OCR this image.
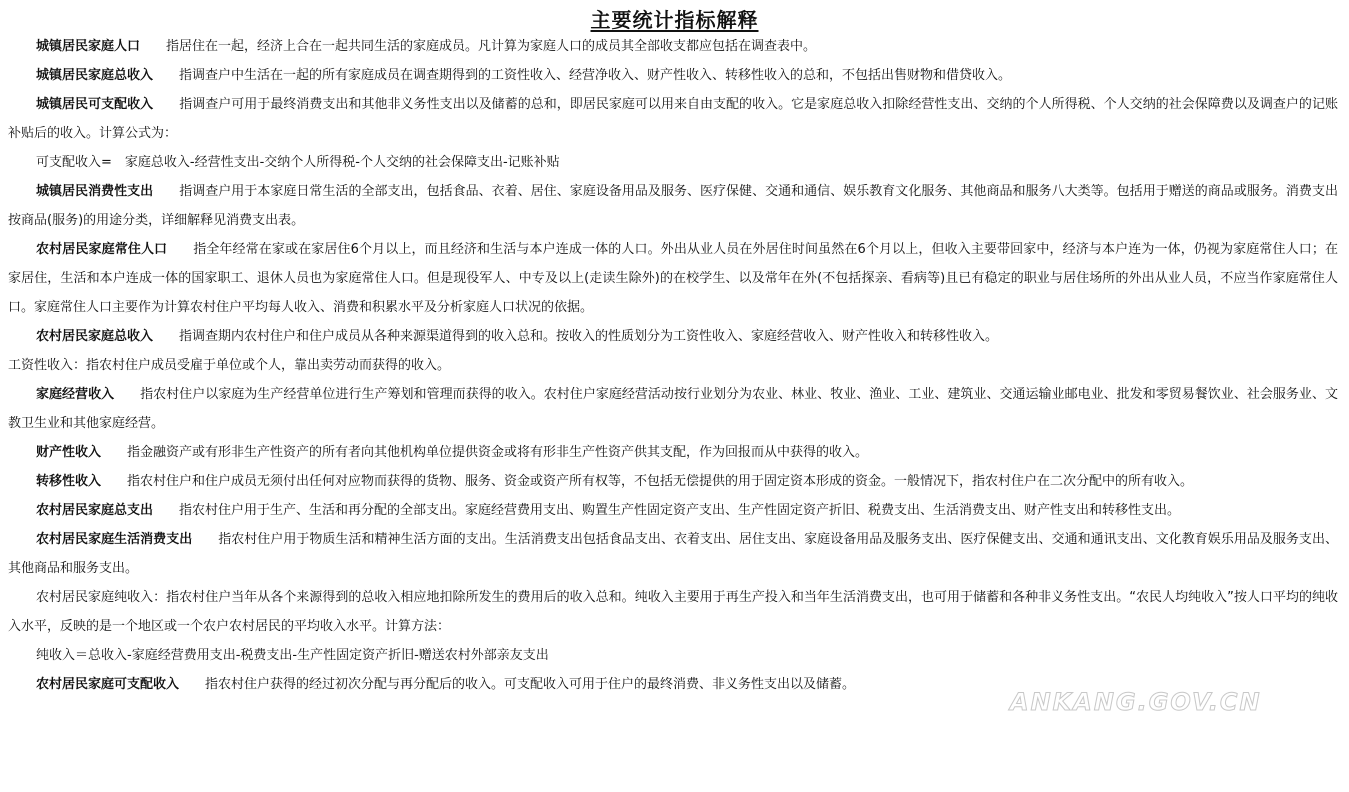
主要统计指标解释

城镇居民家庭人口 指居住在一起，经济上合在一起共同生活的家庭成员。凡计算为家庭人口的成员其全部收支都应包括在调查表中。

城镇居民家庭总收入 指调查户中生活在一起的所有家庭成员在调查期得到的工资性收入、经营净收入、财产性收入、转移性收入的总和，不包括出售财物和借贷收入。

城镇居民可支配收入 指调查户可用于最终消费支出和其他非义务性支出以及储蓄的总和，即居民家庭可以用来自由支配的收入。它是家庭总收入扣除经营性支出、交纳的个人所得税、个人交纳的社会保障费以及调查户的记账补贴后的收入。计算公式为：

可支配收入=　家庭总收入-经营性支出-交纳个人所得税-个人交纳的社会保障支出-记账补贴

城镇居民消费性支出 指调查户用于本家庭日常生活的全部支出，包括食品、衣着、居住、家庭设备用品及服务、医疗保健、交通和通信、娱乐教育文化服务、其他商品和服务八大类等。包括用于赠送的商品或服务。消费支出按商品(服务)的用途分类，详细解释见消费支出表。

农村居民家庭常住人口 指全年经常在家或在家居住6个月以上，而且经济和生活与本户连成一体的人口。外出从业人员在外居住时间虽然在6个月以上，但收入主要带回家中，经济与本户连为一体，仍视为家庭常住人口；在家居住，生活和本户连成一体的国家职工、退休人员也为家庭常住人口。但是现役军人、中专及以上(走读生除外)的在校学生、以及常年在外(不包括探亲、看病等)且已有稳定的职业与居住场所的外出从业人员，不应当作家庭常住人口。家庭常住人口主要作为计算农村住户平均每人收入、消费和积累水平及分析家庭人口状况的依据。

农村居民家庭总收入 指调查期内农村住户和住户成员从各种来源渠道得到的收入总和。按收入的性质划分为工资性收入、家庭经营收入、财产性收入和转移性收入。

工资性收入：指农村住户成员受雇于单位或个人，靠出卖劳动而获得的收入。

家庭经营收入 指农村住户以家庭为生产经营单位进行生产筹划和管理而获得的收入。农村住户家庭经营活动按行业划分为农业、林业、牧业、渔业、工业、建筑业、交通运输业邮电业、批发和零贸易餐饮业、社会服务业、文教卫生业和其他家庭经营。

财产性收入 指金融资产或有形非生产性资产的所有者向其他机构单位提供资金或将有形非生产性资产供其支配，作为回报而从中获得的收入。

转移性收入 指农村住户和住户成员无须付出任何对应物而获得的货物、服务、资金或资产所有权等，不包括无偿提供的用于固定资本形成的资金。一般情况下，指农村住户在二次分配中的所有收入。

农村居民家庭总支出 指农村住户用于生产、生活和再分配的全部支出。家庭经营费用支出、购置生产性固定资产支出、生产性固定资产折旧、税费支出、生活消费支出、财产性支出和转移性支出。

农村居民家庭生活消费支出 指农村住户用于物质生活和精神生活方面的支出。生活消费支出包括食品支出、衣着支出、居住支出、家庭设备用品及服务支出、医疗保健支出、交通和通讯支出、文化教育娱乐用品及服务支出、其他商品和服务支出。

农村居民家庭纯收入：指农村住户当年从各个来源得到的总收入相应地扣除所发生的费用后的收入总和。纯收入主要用于再生产投入和当年生活消费支出，也可用于储蓄和各种非义务性支出。“农民人均纯收入”按人口平均的纯收入水平，反映的是一个地区或一个农户农村居民的平均收入水平。计算方法：

纯收入＝总收入-家庭经营费用支出-税费支出-生产性固定资产折旧-赠送农村外部亲友支出

农村居民家庭可支配收入 指农村住户获得的经过初次分配与再分配后的收入。可支配收入可用于住户的最终消费、非义务性支出以及储蓄。

ANKANG.GOV.CN
